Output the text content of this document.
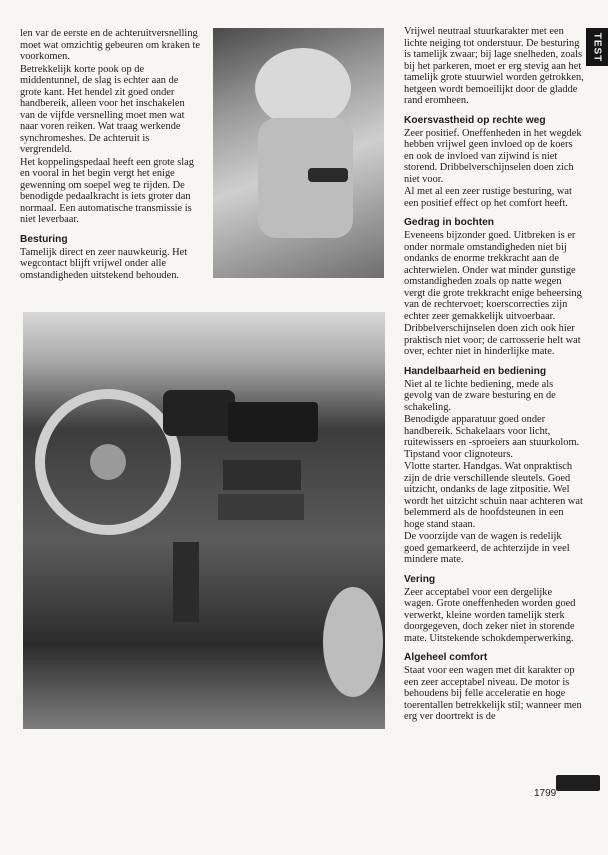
TEST

len var de eerste en de achteruitversnelling moet wat omzichtig gebeuren om kraken te voorkomen.

Betrekkelijk korte pook op de middentunnel, de slag is echter aan de grote kant. Het hendel zit goed onder handbereik, alleen voor het inschakelen van de vijfde versnelling moet men wat naar voren reiken. Wat traag werkende synchromeshes. De achteruit is vergrendeld.

Het koppelingspedaal heeft een grote slag en vooral in het begin vergt het enige gewenning om soepel weg te rijden. De benodigde pedaalkracht is iets groter dan normaal. Een automatische transmissie is niet leverbaar.

Besturing

Tamelijk direct en zeer nauwkeurig. Het wegcontact blijft vrijwel onder alle omstandigheden uitstekend behouden.

Vrijwel neutraal stuurkarakter met een lichte neiging tot onderstuur. De besturing is tamelijk zwaar; bij lage snelheden, zoals bij het parkeren, moet er erg stevig aan het tamelijk grote stuurwiel worden getrokken, hetgeen wordt bemoeilijkt door de gladde rand eromheen.

Koersvastheid op rechte weg

Zeer positief. Oneffenheden in het wegdek hebben vrijwel geen invloed op de koers en ook de invloed van zijwind is niet storend. Dribbelverschijnselen doen zich niet voor.

Al met al een zeer rustige besturing, wat een positief effect op het comfort heeft.

Gedrag in bochten

Eveneens bijzonder goed. Uitbreken is er onder normale omstandigheden niet bij ondanks de enorme trekkracht aan de achterwielen. Onder wat minder gunstige omstandigheden zoals op natte wegen vergt die grote trekkracht enige beheersing van de rechtervoet; koerscorrecties zijn echter zeer gemakkelijk uitvoerbaar.

Dribbelverschijnselen doen zich ook hier praktisch niet voor; de carrosserie helt wat over, echter niet in hinderlijke mate.

Handelbaarheid en bediening

Niet al te lichte bediening, mede als gevolg van de zware besturing en de schakeling.

Benodigde apparatuur goed onder handbereik. Schakelaars voor licht, ruitewissers en -sproeiers aan stuurkolom. Tipstand voor clignoteurs.

Vlotte starter. Handgas. Wat onpraktisch zijn de drie verschillende sleutels. Goed uitzicht, ondanks de lage zitpositie. Wel wordt het uitzicht schuin naar achteren wat belemmerd als de hoofdsteunen in een hoge stand staan.

De voorzijde van de wagen is redelijk goed gemarkeerd, de achterzijde in veel mindere mate.

Vering

Zeer acceptabel voor een dergelijke wagen. Grote oneffenheden worden goed verwerkt, kleine worden tamelijk sterk doorgegeven, doch zeker niet in storende mate. Uitstekende schokdemperwerking.

Algeheel comfort

Staat voor een wagen met dit karakter op een zeer acceptabel niveau. De motor is behoudens bij felle acceleratie en hoge toerentallen betrekkelijk stil; wanneer men erg ver doortrekt is de

1799
